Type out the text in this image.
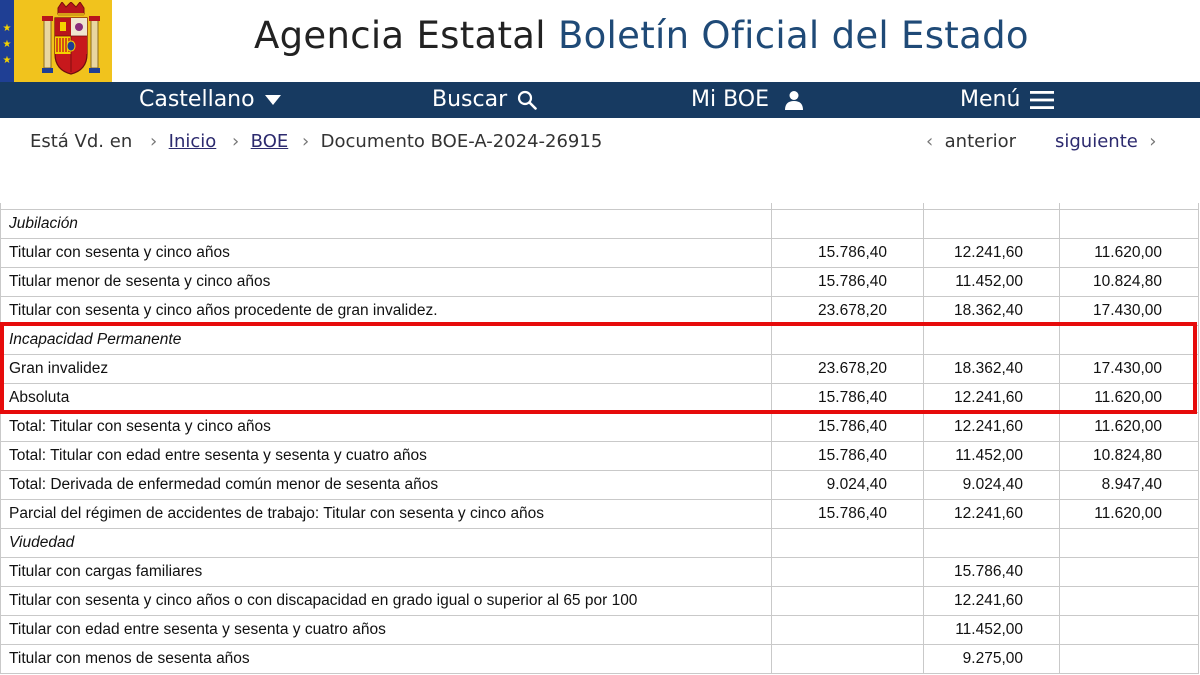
★
★
★
Agencia Estatal Boletín Oficial del Estado
Castellano	Buscar	Mi BOE	Menú
Está Vd. en › Inicio › BOE › Documento BOE-A-2024-26915	‹ anterior siguiente ›

Jubilación			
Titular con sesenta y cinco años	15.786,40	12.241,60	11.620,00
Titular menor de sesenta y cinco años	15.786,40	11.452,00	10.824,80
Titular con sesenta y cinco años procedente de gran invalidez.	23.678,20	18.362,40	17.430,00
Incapacidad Permanente			
Gran invalidez	23.678,20	18.362,40	17.430,00
Absoluta	15.786,40	12.241,60	11.620,00
Total: Titular con sesenta y cinco años	15.786,40	12.241,60	11.620,00
Total: Titular con edad entre sesenta y sesenta y cuatro años	15.786,40	11.452,00	10.824,80
Total: Derivada de enfermedad común menor de sesenta años	9.024,40	9.024,40	8.947,40
Parcial del régimen de accidentes de trabajo: Titular con sesenta y cinco años	15.786,40	12.241,60	11.620,00
Viudedad			
Titular con cargas familiares		15.786,40	
Titular con sesenta y cinco años o con discapacidad en grado igual o superior al 65 por 100		12.241,60	
Titular con edad entre sesenta y sesenta y cuatro años		11.452,00	
Titular con menos de sesenta años		9.275,00	
